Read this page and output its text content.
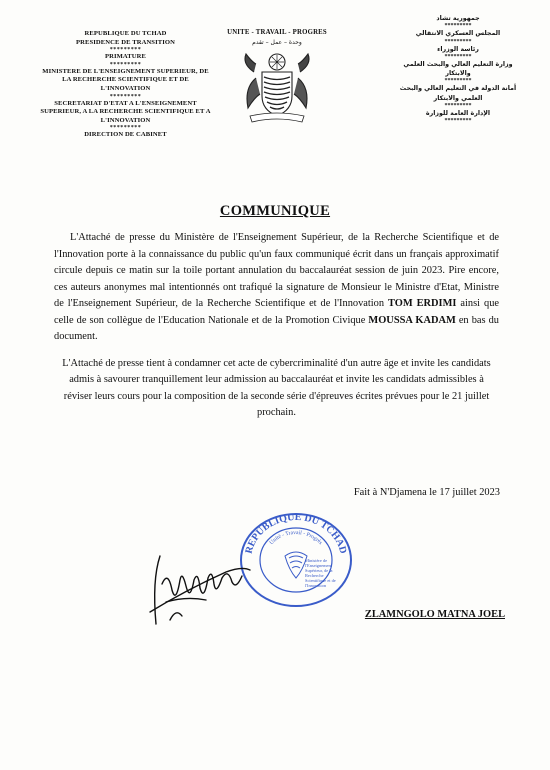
REPUBLIQUE DU TCHAD
PRESIDENCE DE TRANSITION
*********
PRIMATURE
*********
MINISTERE DE L'ENSEIGNEMENT SUPERIEUR, DE LA RECHERCHE SCIENTIFIQUE ET DE L'INNOVATION
*********
SECRETARIAT D'ETAT A L'ENSEIGNEMENT SUPERIEUR, A LA RECHERCHE SCIENTIFIQUE ET A L'INNOVATION
*********
DIRECTION DE CABINET
UNITE - TRAVAIL - PROGRES
وحدة – عمل – تقدم
جمهورية تشاد
*********
المجلس العسكري الانتقالي
*********
رئاسة الوزراء
*********
وزارة التعليم العالي والبحث العلمي والابتكار
*********
أمانة الدولة في التعليم العالي والبحث العلمي والابتكار
*********
الإدارة العامة للوزارة
*********
COMMUNIQUE

L'Attaché de presse du Ministère de l'Enseignement Supérieur, de la Recherche Scientifique et de l'Innovation porte à la connaissance du public qu'un faux communiqué écrit dans un français approximatif circule depuis ce matin sur la toile portant annulation du baccalauréat session de juin 2023. Pire encore, ces auteurs anonymes mal intentionnés ont trafiqué la signature de Monsieur le Ministre d'Etat, Ministre de l'Enseignement Supérieur, de la Recherche Scientifique et de l'Innovation TOM ERDIMI ainsi que celle de son collègue de l'Education Nationale et de la Promotion Civique MOUSSA KADAM en bas du document.

L'Attaché de presse tient à condamner cet acte de cybercriminalité d'un autre âge et invite les candidats admis à savourer tranquillement leur admission au baccalauréat et invite les candidats admissibles à réviser leurs cours pour la composition de la seconde série d'épreuves écrites prévues pour le 21 juillet prochain.

Fait à N'Djamena le 17 juillet 2023
REPUBLIQUE DU TCHAD
Unité - Travail - Progrès
Ministère de l'Enseignement Supérieur, de la Recherche Scientifique et de l'Innovation
ZLAMNGOLO MATNA JOEL
